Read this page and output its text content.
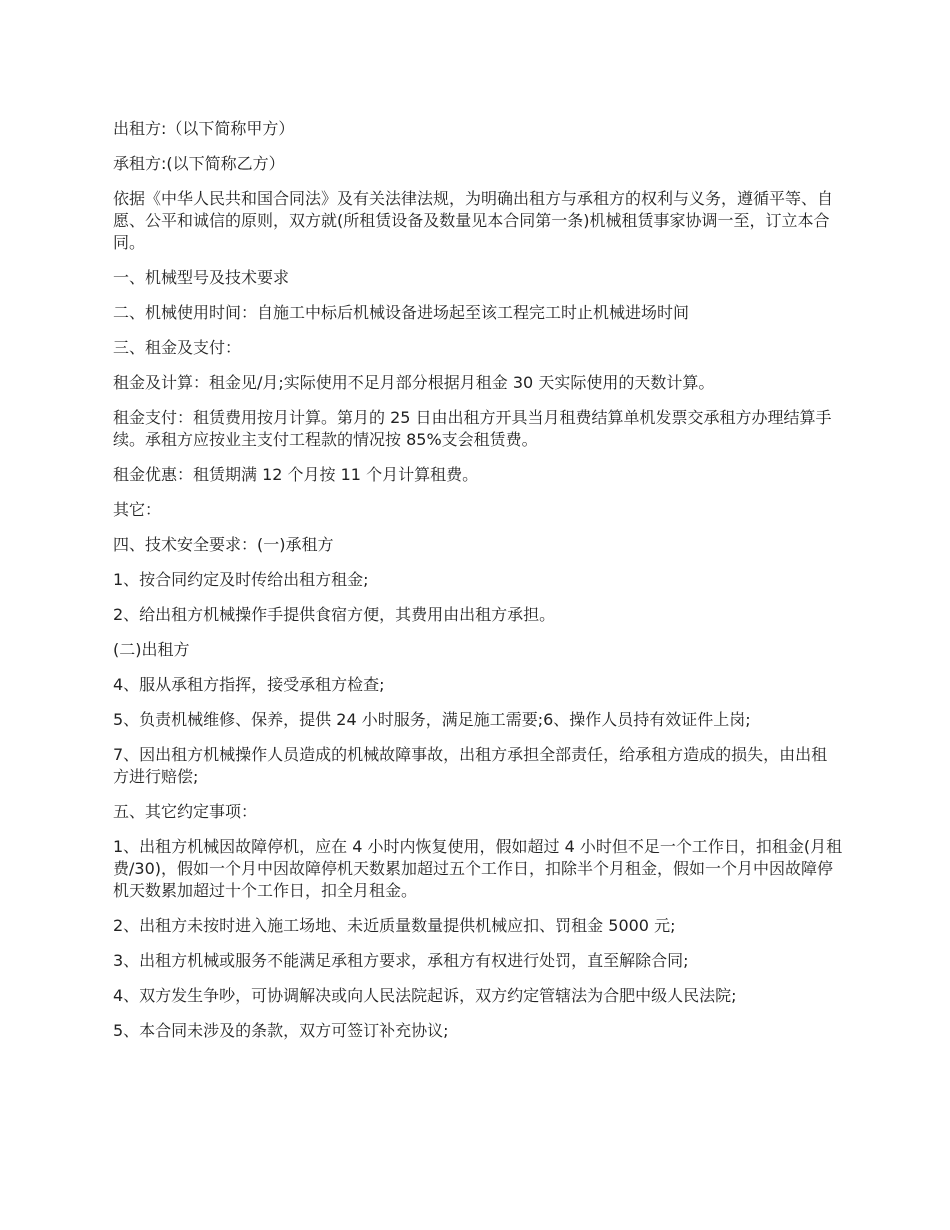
出租方:（以下简称甲方）

承租方:(以下简称乙方）

依据《中华人民共和国合同法》及有关法律法规，为明确出租方与承租方的权利与义务，遵循平等、自愿、公平和诚信的原则，双方就(所租赁设备及数量见本合同第一条)机械租赁事家协调一至，订立本合同。

一、机械型号及技术要求

二、机械使用时间：自施工中标后机械设备进场起至该工程完工时止机械进场时间

三、租金及支付：

租金及计算：租金见/月;实际使用不足月部分根据月租金 30 天实际使用的天数计算。

租金支付：租赁费用按月计算。第月的 25 日由出租方开具当月租费结算单机发票交承租方办理结算手续。承租方应按业主支付工程款的情况按 85%支会租赁费。

租金优惠：租赁期满 12 个月按 11 个月计算租费。

其它：

四、技术安全要求：(一)承租方

1、按合同约定及时传给出租方租金;

2、给出租方机械操作手提供食宿方便，其费用由出租方承担。

(二)出租方

4、服从承租方指挥，接受承租方检查;

5、负责机械维修、保养，提供 24 小时服务，满足施工需要;6、操作人员持有效证件上岗;

7、因出租方机械操作人员造成的机械故障事故，出租方承担全部责任，给承租方造成的损失，由出租方进行赔偿;

五、其它约定事项：

1、出租方机械因故障停机，应在 4 小时内恢复使用，假如超过 4 小时但不足一个工作日，扣租金(月租费/30)，假如一个月中因故障停机天数累加超过五个工作日，扣除半个月租金，假如一个月中因故障停机天数累加超过十个工作日，扣全月租金。

2、出租方未按时进入施工场地、未近质量数量提供机械应扣、罚租金 5000 元;

3、出租方机械或服务不能满足承租方要求，承租方有权进行处罚，直至解除合同;

4、双方发生争吵，可协调解决或向人民法院起诉，双方约定管辖法为合肥中级人民法院;

5、本合同未涉及的条款，双方可签订补充协议;
